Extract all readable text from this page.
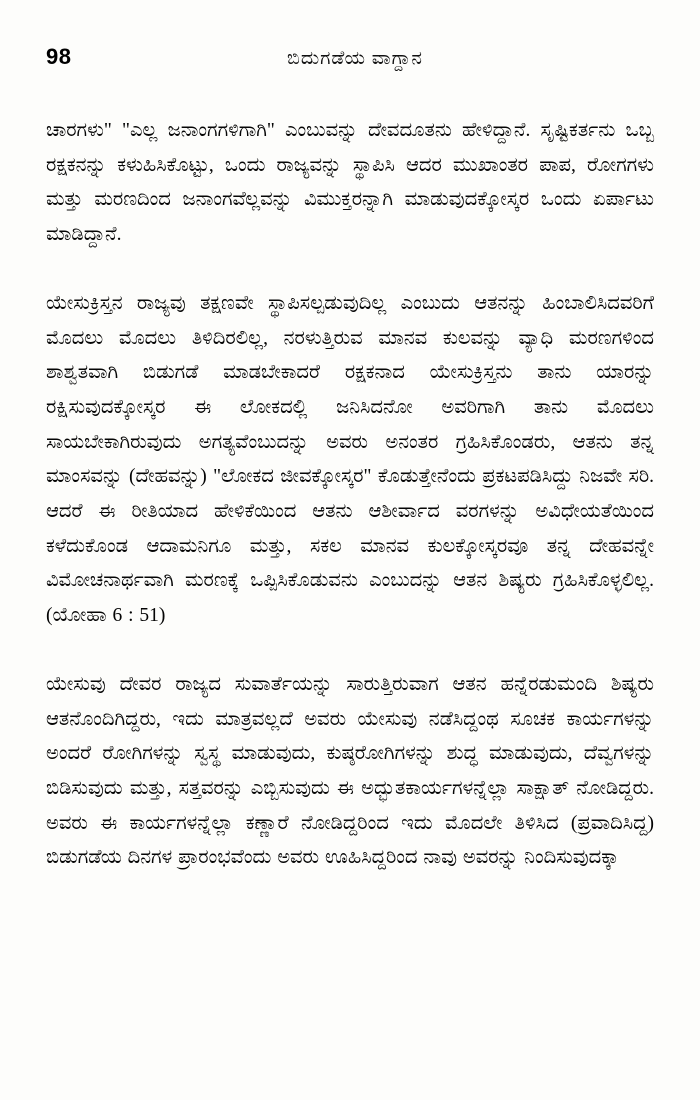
98	ಬಿದುಗಡೆಯ ವಾಗ್ದಾನ

ಚಾರಗಳು" "ಎಲ್ಲ ಜನಾಂಗಗಳಿಗಾಗಿ" ಎಂಬುವನ್ನು ದೇವದೂತನು ಹೇಳಿದ್ದಾನೆ. ಸೃಷ್ಟಿಕರ್ತನು ಒಬ್ಬ ರಕ್ಷಕನನ್ನು ಕಳುಹಿಸಿಕೊಟ್ಟು, ಒಂದು ರಾಜ್ಯವನ್ನು ಸ್ಥಾಪಿಸಿ ಆದರ ಮುಖಾಂತರ ಪಾಪ, ರೋಗಗಳು ಮತ್ತು ಮರಣದಿಂದ ಜನಾಂಗವೆಲ್ಲವನ್ನು ವಿಮುಕ್ತರನ್ನಾಗಿ ಮಾಡುವುದಕ್ಕೋಸ್ಕರ ಒಂದು ಏರ್ಪಾಟು ಮಾಡಿದ್ದಾನೆ.

ಯೇಸುಕ್ರಿಸ್ತನ ರಾಜ್ಯವು ತಕ್ಷಣವೇ ಸ್ಥಾಪಿಸಲ್ಪಡುವುದಿಲ್ಲ ಎಂಬುದು ಆತನನ್ನು ಹಿಂಬಾಲಿಸಿದವರಿಗೆ ಮೊದಲು ಮೊದಲು ತಿಳಿದಿರಲಿಲ್ಲ, ನರಳುತ್ತಿರುವ ಮಾನವ ಕುಲವನ್ನು ವ್ಯಾಧಿ ಮರಣಗಳಿಂದ ಶಾಶ್ವತವಾಗಿ ಬಿಡುಗಡೆ ಮಾಡಬೇಕಾದರೆ ರಕ್ಷಕನಾದ ಯೇಸುಕ್ರಿಸ್ತನು ತಾನು ಯಾರನ್ನು ರಕ್ಷಿಸುವುದಕ್ಕೋಸ್ಕರ ಈ ಲೋಕದಲ್ಲಿ ಜನಿಸಿದನೋ ಅವರಿಗಾಗಿ ತಾನು ಮೊದಲು ಸಾಯಬೇಕಾಗಿರುವುದು ಅಗತ್ಯವೆಂಬುದನ್ನು ಅವರು ಅನಂತರ ಗ್ರಹಿಸಿಕೊಂಡರು, ಆತನು ತನ್ನ ಮಾಂಸವನ್ನು (ದೇಹವನ್ನು) "ಲೋಕದ ಜೀವಕ್ಕೋಸ್ಕರ" ಕೊಡುತ್ತೇನೆಂದು ಪ್ರಕಟಪಡಿಸಿದ್ದು ನಿಜವೇ ಸರಿ. ಆದರೆ ಈ ರೀತಿಯಾದ ಹೇಳಿಕೆಯಿಂದ ಆತನು ಆಶೀರ್ವಾದ ವರಗಳನ್ನು ಅವಿಧೇಯತೆಯಿಂದ ಕಳೆದುಕೊಂಡ ಆದಾಮನಿಗೂ ಮತ್ತು, ಸಕಲ ಮಾನವ ಕುಲಕ್ಕೋಸ್ಕರವೂ ತನ್ನ ದೇಹವನ್ನೇ ವಿಮೋಚನಾರ್ಥವಾಗಿ ಮರಣಕ್ಕೆ ಒಪ್ಪಿಸಿಕೊಡುವನು ಎಂಬುದನ್ನು ಆತನ ಶಿಷ್ಯರು ಗ್ರಹಿಸಿಕೊಳ್ಳಲಿಲ್ಲ. (ಯೋಹಾ 6 : 51)

ಯೇಸುವು ದೇವರ ರಾಜ್ಯದ ಸುವಾರ್ತೆಯನ್ನು ಸಾರುತ್ತಿರುವಾಗ ಆತನ ಹನ್ನೆರಡುಮಂದಿ ಶಿಷ್ಯರು ಆತನೊಂದಿಗಿದ್ದರು, ಇದು ಮಾತ್ರವಲ್ಲದೆ ಅವರು ಯೇಸುವು ನಡೆಸಿದ್ದಂಥ ಸೂಚಕ ಕಾರ್ಯಗಳನ್ನು ಅಂದರೆ ರೋಗಿಗಳನ್ನು ಸ್ವಸ್ಥ ಮಾಡುವುದು, ಕುಷ್ಠರೋಗಿಗಳನ್ನು ಶುದ್ಧ ಮಾಡುವುದು, ದೆವ್ವಗಳನ್ನು ಬಿಡಿಸುವುದು ಮತ್ತು, ಸತ್ತವರನ್ನು ಎಬ್ಬಿಸುವುದು ಈ ಅದ್ಭುತಕಾರ್ಯಗಳನ್ನೆಲ್ಲಾ ಸಾಕ್ಷಾತ್ ನೋಡಿದ್ದರು. ಅವರು ಈ ಕಾರ್ಯಗಳನ್ನೆಲ್ಲಾ ಕಣ್ಣಾರೆ ನೋಡಿದ್ದರಿಂದ ಇದು ಮೊದಲೇ ತಿಳಿಸಿದ (ಪ್ರವಾದಿಸಿದ್ದ) ಬಿಡುಗಡೆಯ ದಿನಗಳ ಪ್ರಾರಂಭವೆಂದು ಅವರು ಊಹಿಸಿದ್ದರಿಂದ ನಾವು ಅವರನ್ನು ನಿಂದಿಸುವುದಕ್ಕಾ
